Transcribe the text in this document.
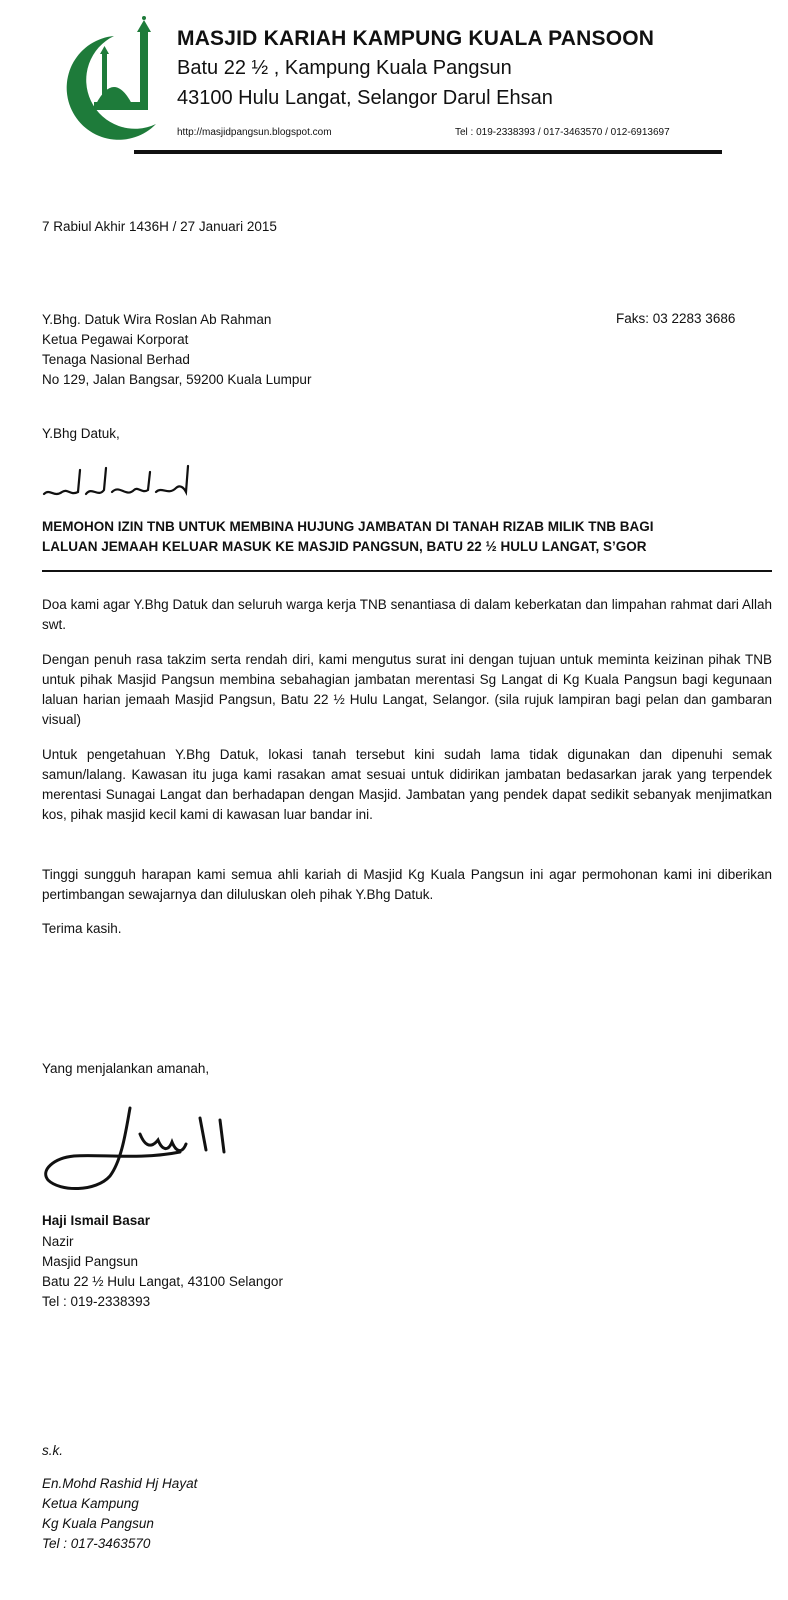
MASJID KARIAH KAMPUNG KUALA PANSOON
Batu 22 ½ , Kampung Kuala Pangsun
43100 Hulu Langat, Selangor Darul Ehsan
http://masjidpangsun.blogspot.com	Tel : 019-2338393 / 017-3463570 / 012-6913697
7 Rabiul Akhir 1436H / 27 Januari 2015
Y.Bhg. Datuk Wira Roslan Ab Rahman
Ketua Pegawai Korporat
Tenaga Nasional Berhad
No 129, Jalan Bangsar, 59200 Kuala Lumpur
Faks: 03 2283 3686
Y.Bhg Datuk,
MEMOHON IZIN TNB UNTUK MEMBINA HUJUNG JAMBATAN DI TANAH RIZAB MILIK TNB BAGI
LALUAN JEMAAH KELUAR MASUK KE MASJID PANGSUN, BATU 22 ½ HULU LANGAT, S’GOR
Doa kami agar Y.Bhg Datuk dan seluruh warga kerja TNB senantiasa di dalam keberkatan dan limpahan rahmat dari Allah swt.
Dengan penuh rasa takzim serta rendah diri, kami mengutus surat ini dengan tujuan untuk meminta keizinan pihak TNB untuk pihak Masjid Pangsun membina sebahagian jambatan merentasi Sg Langat di Kg Kuala Pangsun bagi kegunaan laluan harian jemaah Masjid Pangsun, Batu 22 ½ Hulu Langat, Selangor. (sila rujuk lampiran bagi pelan dan gambaran visual)
Untuk pengetahuan Y.Bhg Datuk, lokasi tanah tersebut kini sudah lama tidak digunakan dan dipenuhi semak samun/lalang. Kawasan itu juga kami rasakan amat sesuai untuk didirikan jambatan bedasarkan jarak yang terpendek merentasi Sunagai Langat dan berhadapan dengan Masjid. Jambatan yang pendek dapat sedikit sebanyak menjimatkan kos, pihak masjid kecil kami di kawasan luar bandar ini.
Tinggi sungguh harapan kami semua ahli kariah di Masjid Kg Kuala Pangsun ini agar permohonan kami ini diberikan pertimbangan sewajarnya dan diluluskan oleh pihak Y.Bhg Datuk.
Terima kasih.
Yang menjalankan amanah,
Haji Ismail Basar
Nazir
Masjid Pangsun
Batu 22 ½ Hulu Langat, 43100 Selangor
Tel : 019-2338393
s.k.
En.Mohd Rashid Hj Hayat
Ketua Kampung
Kg Kuala Pangsun
Tel : 017-3463570
